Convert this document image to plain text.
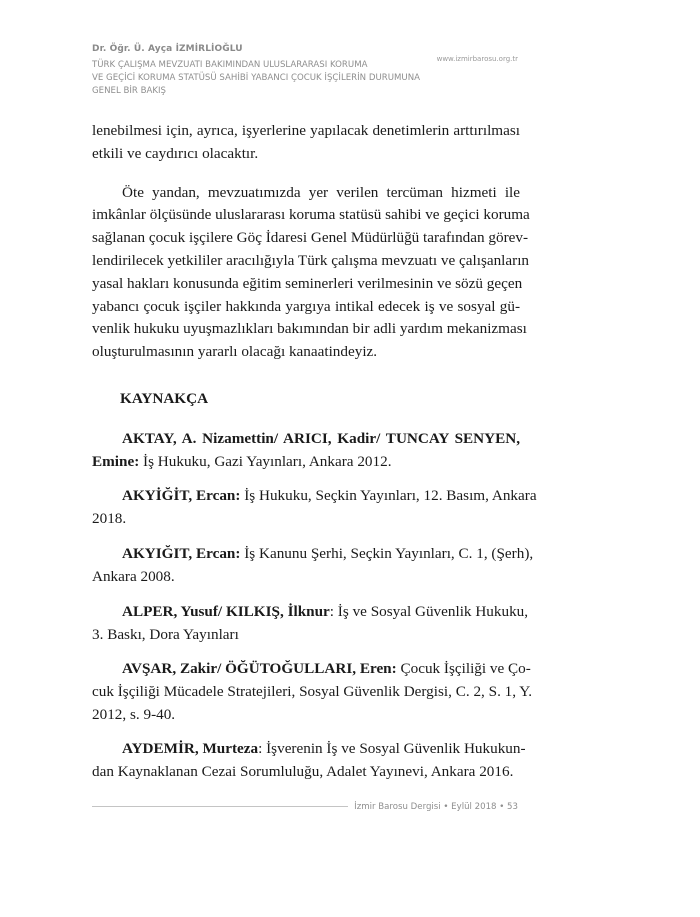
Dr. Öğr. Ü. Ayça İZMİRLİOĞLU
www.izmirbarosu.org.tr
TÜRK ÇALIŞMA MEVZUATI BAKIMINDAN ULUSLARARASI KORUMA
VE GEÇİCİ KORUMA STATÜSÜ SAHİBİ YABANCI ÇOCUK İŞÇİLERİN DURUMUNA
GENEL BİR BAKIŞ

lenebilmesi için, ayrıca, işyerlerine yapılacak denetimlerin arttırılması
etkili ve caydırıcı olacaktır.

Öte yandan, mevzuatımızda yer verilen tercüman hizmeti ile
imkânlar ölçüsünde uluslararası koruma statüsü sahibi ve geçici koruma
sağlanan çocuk işçilere Göç İdaresi Genel Müdürlüğü tarafından görev-
lendirilecek yetkililer aracılığıyla Türk çalışma mevzuatı ve çalışanların
yasal hakları konusunda eğitim seminerleri verilmesinin ve sözü geçen
yabancı çocuk işçiler hakkında yargıya intikal edecek iş ve sosyal gü-
venlik hukuku uyuşmazlıkları bakımından bir adli yardım mekanizması
oluşturulmasının yararlı olacağı kanaatindeyiz.

KAYNAKÇA
AKTAY, A. Nizamettin/ ARICI, Kadir/ TUNCAY SENYEN,
Emine: İş Hukuku, Gazi Yayınları, Ankara 2012.
AKYİĞİT, Ercan: İş Hukuku, Seçkin Yayınları, 12. Basım, Ankara
2018.
AKYIĞIT, Ercan: İş Kanunu Şerhi, Seçkin Yayınları, C. 1, (Şerh),
Ankara 2008.
ALPER, Yusuf/ KILKIŞ, İlknur: İş ve Sosyal Güvenlik Hukuku,
3. Baskı, Dora Yayınları
AVŞAR, Zakir/ ÖĞÜTOĞULLARI, Eren: Çocuk İşçiliği ve Ço-
cuk İşçiliği Mücadele Stratejileri, Sosyal Güvenlik Dergisi, C. 2, S. 1, Y.
2012, s. 9-40.
AYDEMİR, Murteza: İşverenin İş ve Sosyal Güvenlik Hukukun-
dan Kaynaklanan Cezai Sorumluluğu, Adalet Yayınevi, Ankara 2016.
İzmir Barosu Dergisi • Eylül 2018 • 53
